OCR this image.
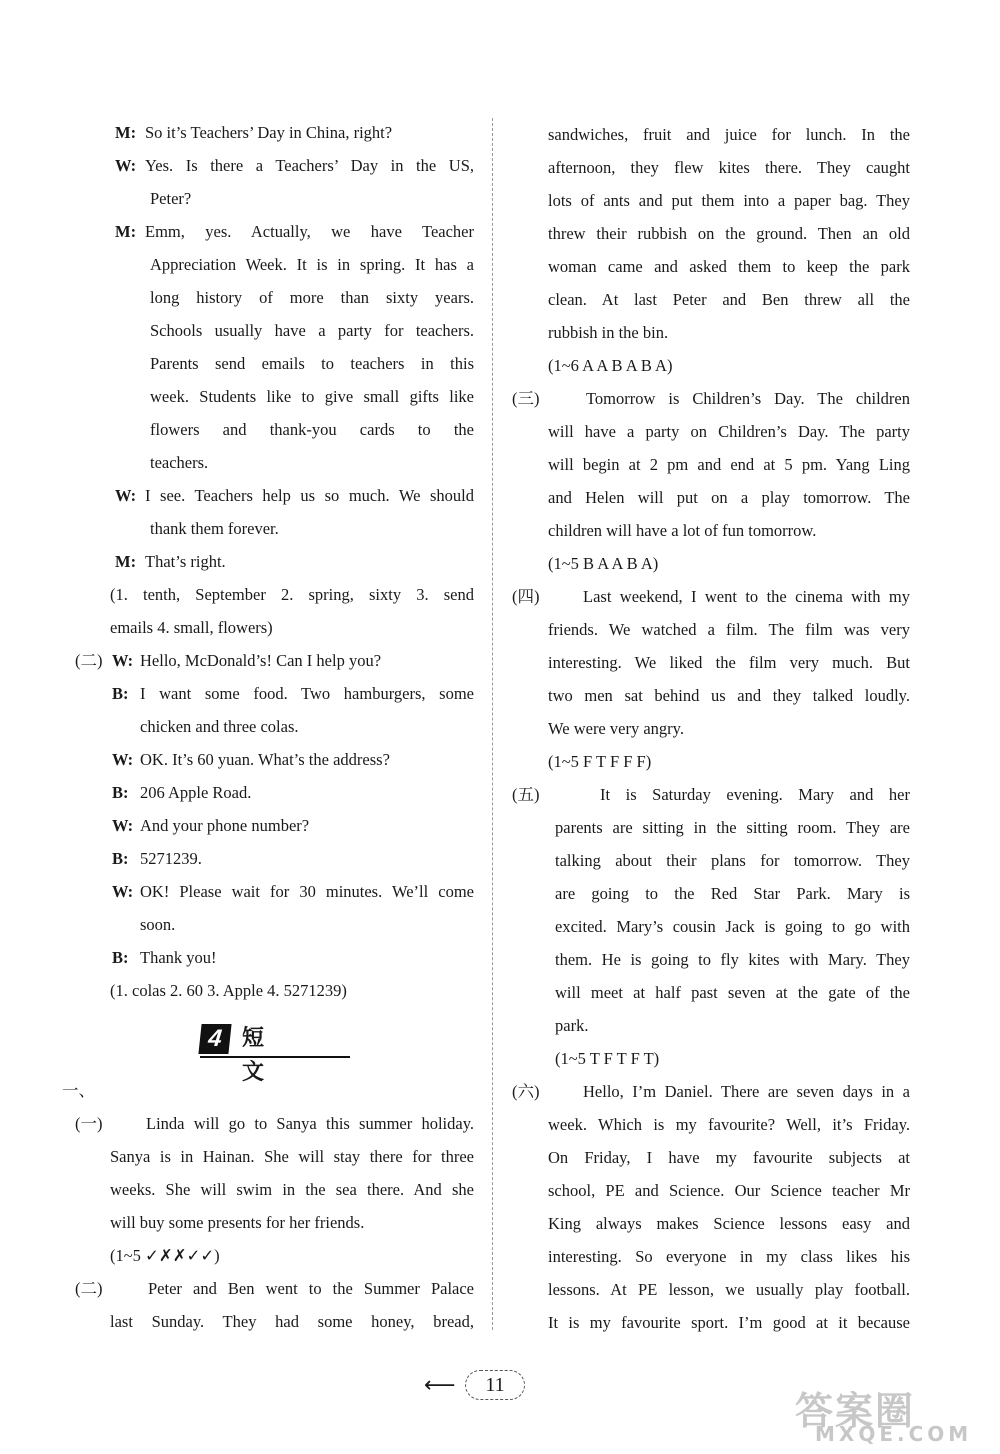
4 短文
⟵	11
答案圈
MXQE.COM
M: So it’s Teachers’ Day in China, right?
W: Yes. Is there a Teachers’ Day in the US,
Peter?
M: Emm, yes. Actually, we have Teacher
Appreciation Week. It is in spring. It has a
long history of more than sixty years.
Schools usually have a party for teachers.
Parents send emails to teachers in this
week. Students like to give small gifts like
flowers and thank-you cards to the
teachers.
W: I see. Teachers help us so much. We should
thank them forever.
M: That’s right.
(1. tenth, September 2. spring, sixty 3. send
emails 4. small, flowers)
(二) W: Hello, McDonald’s! Can I help you?
B: I want some food. Two hamburgers, some
chicken and three colas.
W: OK. It’s 60 yuan. What’s the address?
B: 206 Apple Road.
W: And your phone number?
B: 5271239.
W: OK! Please wait for 30 minutes. We’ll come
soon.
B: Thank you!
(1. colas 2. 60 3. Apple 4. 5271239)
一、
(一)	Linda will go to Sanya this summer holiday.
Sanya is in Hainan. She will stay there for three
weeks. She will swim in the sea there. And she
will buy some presents for her friends.
(1~5 ✓✗✗✓✓)
(二)	Peter and Ben went to the Summer Palace
last Sunday. They had some honey, bread,
sandwiches, fruit and juice for lunch. In the
afternoon, they flew kites there. They caught
lots of ants and put them into a paper bag. They
threw their rubbish on the ground. Then an old
woman came and asked them to keep the park
clean. At last Peter and Ben threw all the
rubbish in the bin.
(1~6 A A B A B A)
(三)	Tomorrow is Children’s Day. The children
will have a party on Children’s Day. The party
will begin at 2 pm and end at 5 pm. Yang Ling
and Helen will put on a play tomorrow. The
children will have a lot of fun tomorrow.
(1~5 B A A B A)
(四)	Last weekend, I went to the cinema with my
friends. We watched a film. The film was very
interesting. We liked the film very much. But
two men sat behind us and they talked loudly.
We were very angry.
(1~5 F T F F F)
(五)	It is Saturday evening. Mary and her
parents are sitting in the sitting room. They are
talking about their plans for tomorrow. They
are going to the Red Star Park. Mary is
excited. Mary’s cousin Jack is going to go with
them. He is going to fly kites with Mary. They
will meet at half past seven at the gate of the
park.
(1~5 T F T F T)
(六)	Hello, I’m Daniel. There are seven days in a
week. Which is my favourite? Well, it’s Friday.
On Friday, I have my favourite subjects at
school, PE and Science. Our Science teacher Mr
King always makes Science lessons easy and
interesting. So everyone in my class likes his
lessons. At PE lesson, we usually play football.
It is my favourite sport. I’m good at it because
